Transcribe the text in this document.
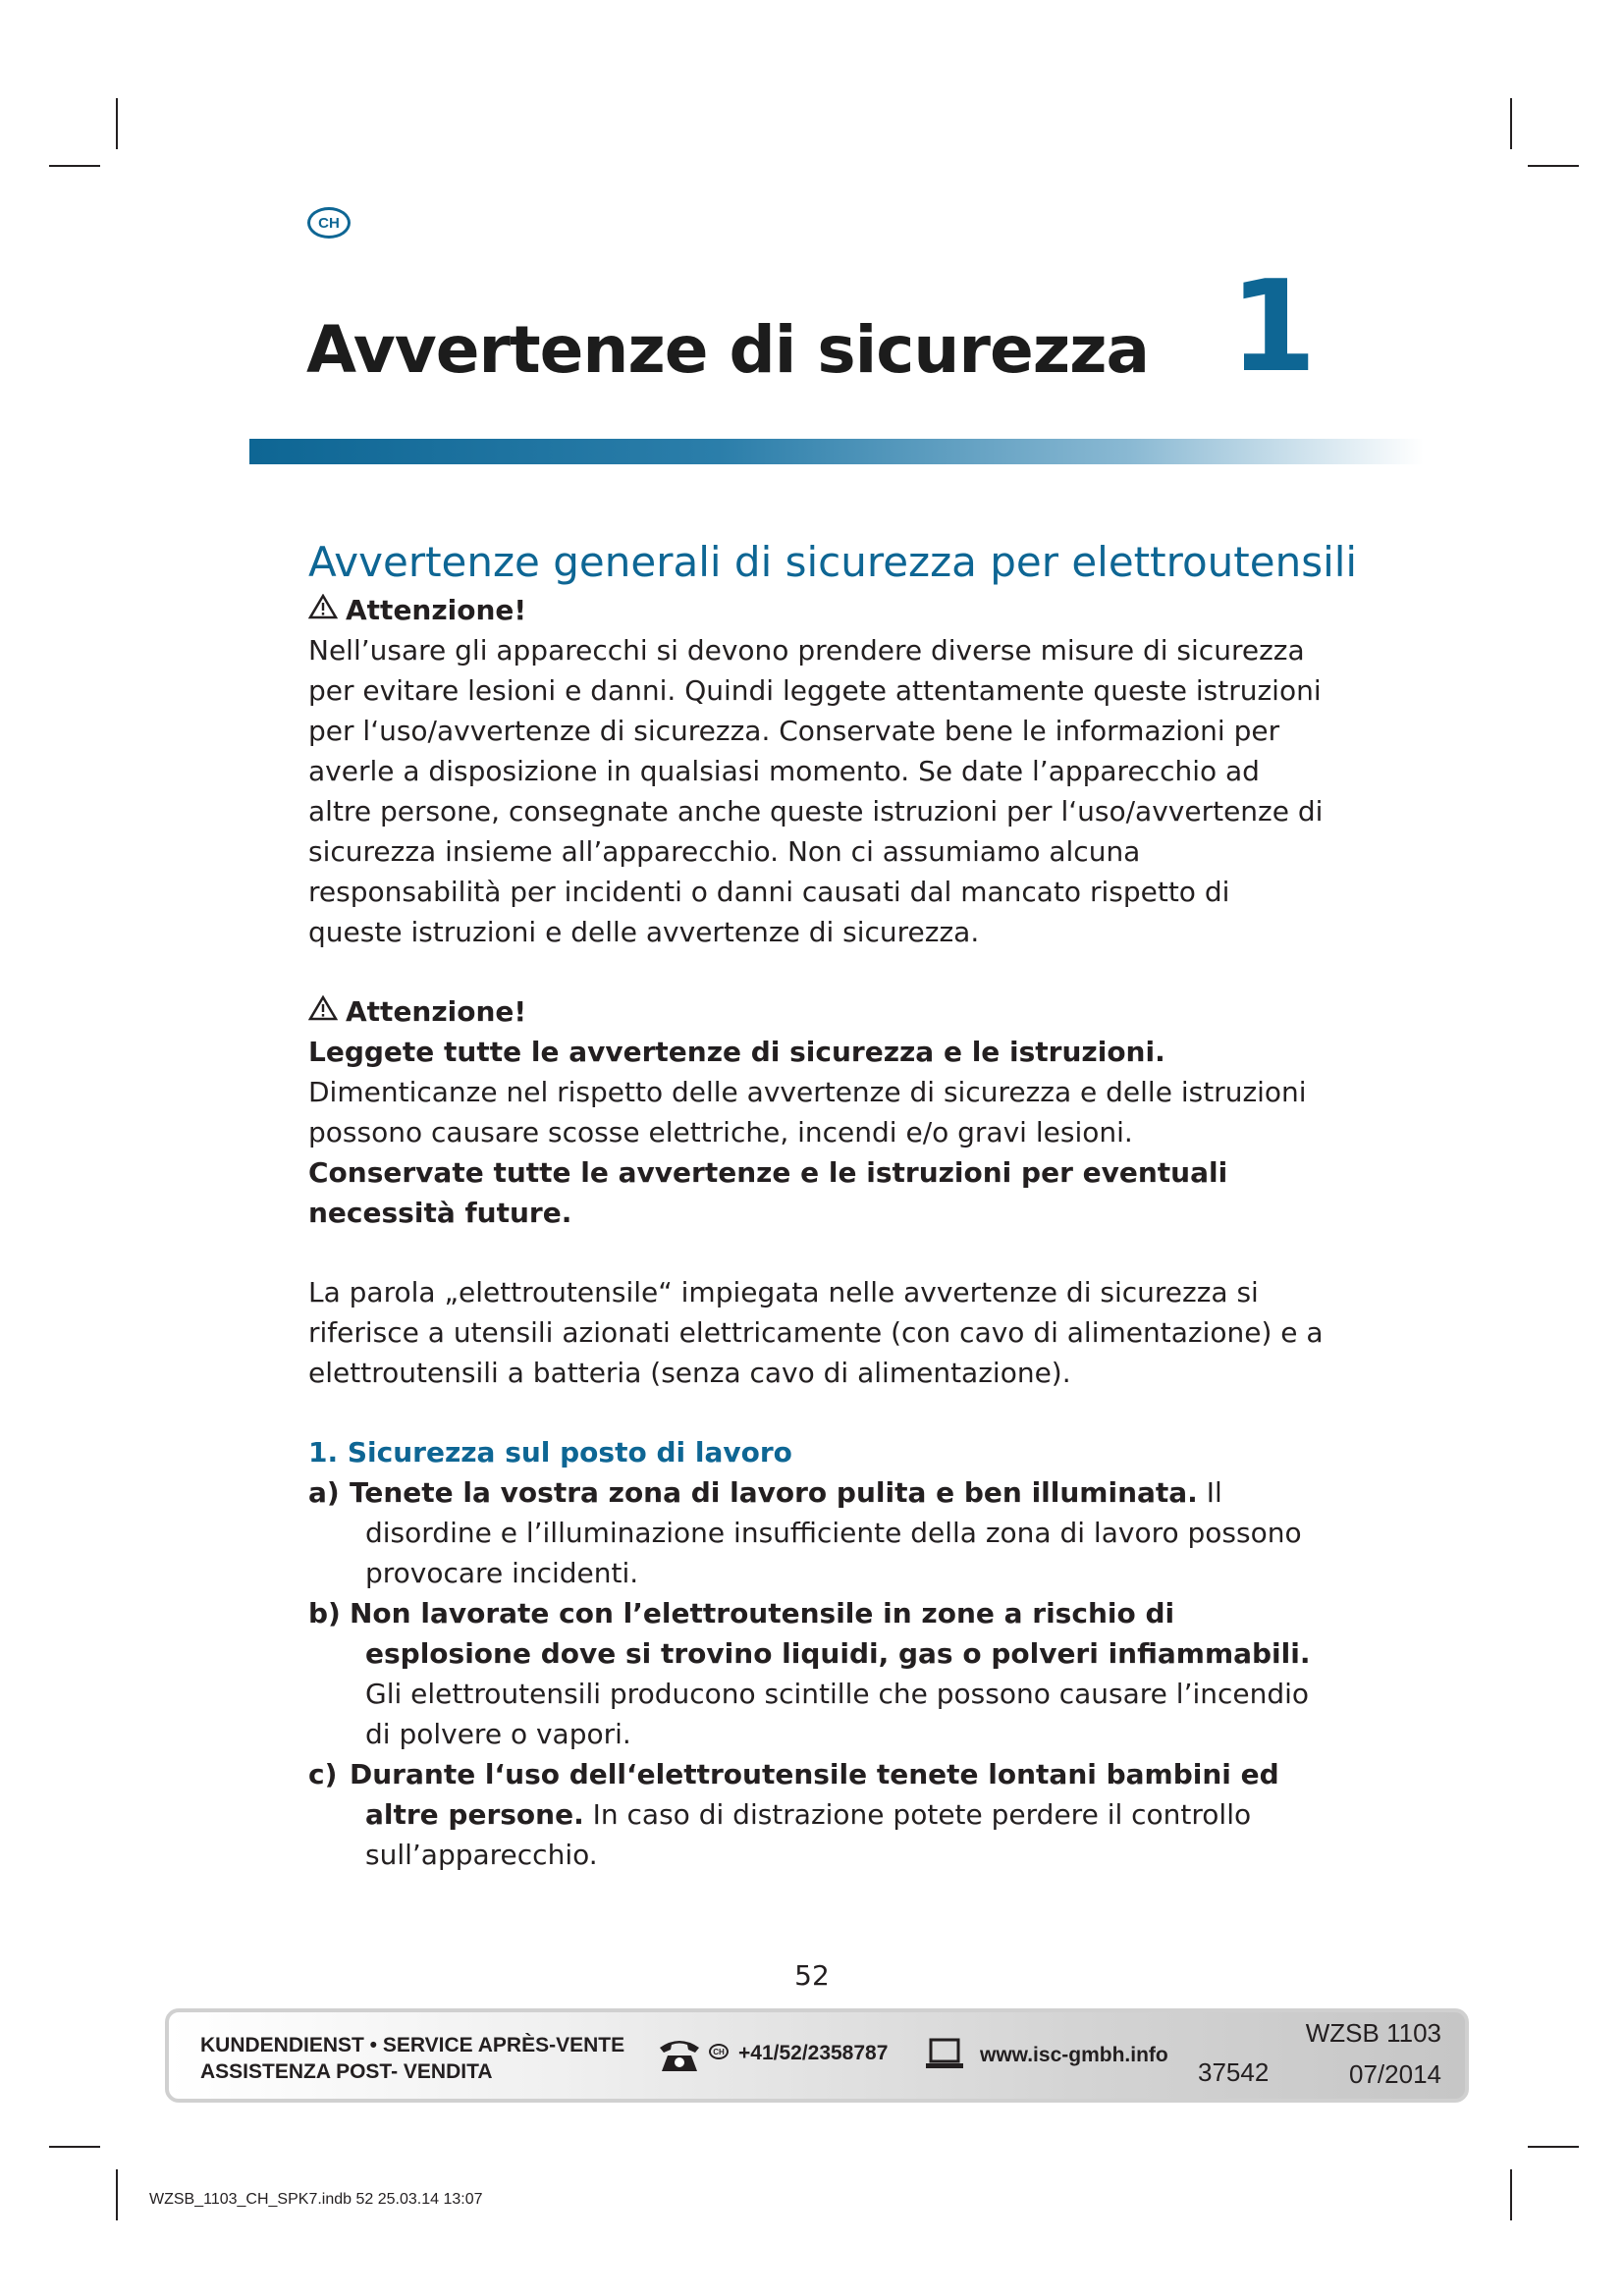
CH
Avvertenze di sicurezza 1

Avvertenze generali di sicurezza per elettroutensili

Attenzione!

Nell’usare gli apparecchi si devono prendere diverse misure di sicurezza per evitare lesioni e danni. Quindi leggete attentamente queste istruzioni per l‘uso/avvertenze di sicurezza. Conservate bene le informazioni per averle a disposizione in qualsiasi momento. Se date l’apparecchio ad altre persone, consegnate anche queste istruzioni per l‘uso/avvertenze di sicurezza insieme all’apparecchio. Non ci assumiamo alcuna responsabilità per incidenti o danni causati dal mancato rispetto di queste istruzioni e delle avvertenze di sicurezza.

Attenzione!

Leggete tutte le avvertenze di sicurezza e le istruzioni. Dimenticanze nel rispetto delle avvertenze di sicurezza e delle istruzioni possono causare scosse elettriche, incendi e/o gravi lesioni.

Conservate tutte le avvertenze e le istruzioni per eventuali necessità future.

La parola „elettroutensile“ impiegata nelle avvertenze di sicurezza si riferisce a utensili azionati elettricamente (con cavo di alimentazione) e a elettroutensili a batteria (senza cavo di alimentazione).

1. Sicurezza sul posto di lavoro

a) Tenete la vostra zona di lavoro pulita e ben illuminata. Il disordine e l’illuminazione insufficiente della zona di lavoro possono provocare incidenti.

b) Non lavorate con l’elettroutensile in zone a rischio di esplosione dove si trovino liquidi, gas o polveri infiammabili. Gli elettroutensili producono scintille che possono causare l’incendio di polvere o vapori.

c) Durante l‘uso dell‘elettroutensile tenete lontani bambini ed altre persone. In caso di distrazione potete perdere il controllo sull’apparecchio.

52
KUNDENDIENST • SERVICE APRÈS-VENTE
ASSISTENZA POST- VENDITA
CH +41/52/2358787	www.isc-gmbh.info
37542
WZSB 1103
07/2014
WZSB_1103_CH_SPK7.indb 52 25.03.14 13:07
